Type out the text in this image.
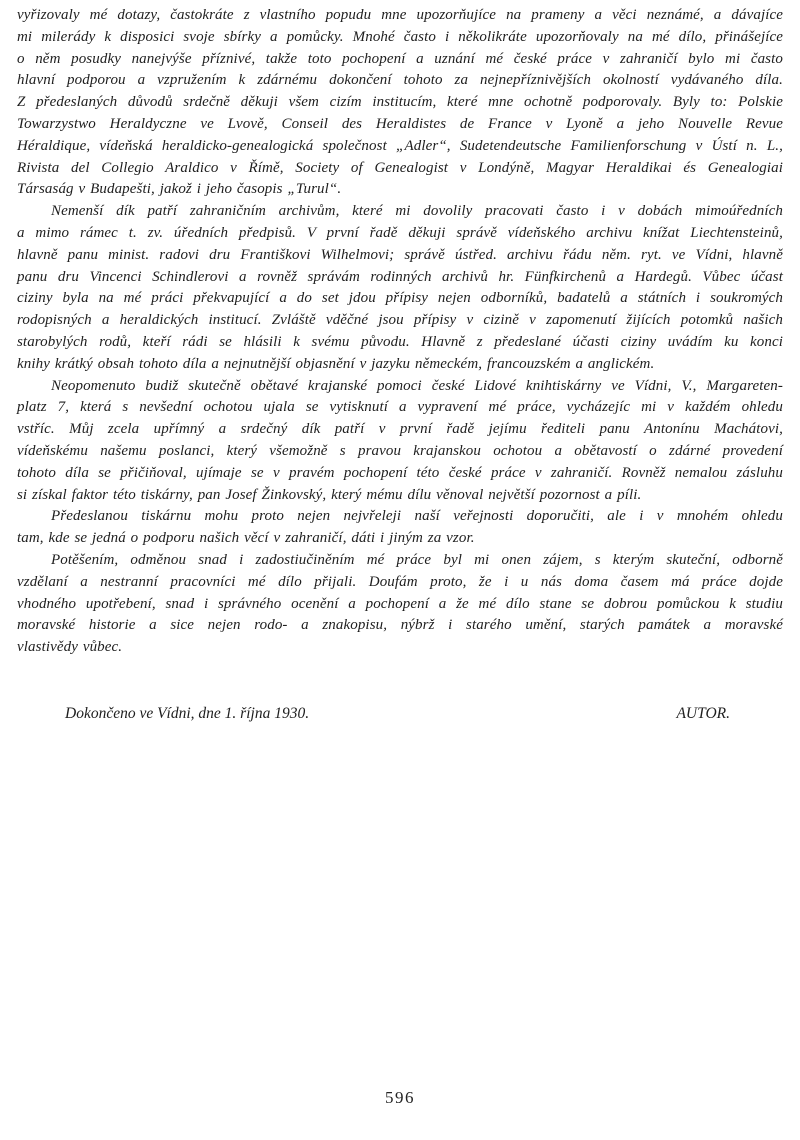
vyřizovaly mé dotazy, častokráte z vlastního popudu mne upozorňujíce na prameny a věci neznámé, a dávajíce
mi milerády k disposici svoje sbírky a pomůcky. Mnohé často i několikráte upozorňovaly na mé dílo, přinášejíce
o něm posudky nanejvýše příznivé, takže toto pochopení a uznání mé české práce v zahraničí bylo mi často
hlavní podporou a vzpružením k zdárnému dokončení tohoto za nejnepříznivějších okolností vydávaného díla.
Z předeslaných důvodů srdečně děkuji všem cizím institucím, které mne ochotně podporovaly. Byly to: Polskie
Towarzystwo Heraldyczne ve Lvově, Conseil des Heraldistes de France v Lyoně a jeho Nouvelle Revue
Héraldique, vídeňská heraldicko-genealogická společnost „Adler“, Sudetendeutsche Familienforschung v Ústí n. L.,
Rivista del Collegio Araldico v Římě, Society of Genealogist v Londýně, Magyar Heraldikai és Genealogiai
Társaság v Budapešti, jakož i jeho časopis „Turul“.
Nemenší dík patří zahraničním archivům, které mi dovolily pracovati často i v dobách mimoúředních
a mimo rámec t. zv. úředních předpisů. V první řadě děkuji správě vídeňského archivu knížat Liechtensteinů,
hlavně panu minist. radovi dru Františkovi Wilhelmovi; správě ústřed. archivu řádu něm. ryt. ve Vídni, hlavně
panu dru Vincenci Schindlerovi a rovněž správám rodinných archivů hr. Fünfkirchenů a Hardegů. Vůbec účast
ciziny byla na mé práci překvapující a do set jdou přípisy nejen odborníků, badatelů a státních i soukromých
rodopisných a heraldických institucí. Zvláště vděčné jsou přípisy v cizině v zapomenutí žijících potomků našich
starobylých rodů, kteří rádi se hlásili k svému původu. Hlavně z předeslané účasti ciziny uvádím ku konci
knihy krátký obsah tohoto díla a nejnutnější objasnění v jazyku německém, francouzském a anglickém.
Neopomenuto budiž skutečně obětavé krajanské pomoci české Lidové knihtiskárny ve Vídni, V., Margareten-
platz 7, která s nevšední ochotou ujala se vytisknutí a vypravení mé práce, vycházejíc mi v každém ohledu
vstříc. Můj zcela upřímný a srdečný dík patří v první řadě jejímu řediteli panu Antonínu Machátovi,
vídeňskému našemu poslanci, který všemožně s pravou krajanskou ochotou a obětavostí o zdárné provedení
tohoto díla se přičiňoval, ujímaje se v pravém pochopení této české práce v zahraničí. Rovněž nemalou zásluhu
si získal faktor této tiskárny, pan Josef Žinkovský, který mému dílu věnoval největší pozornost a píli.
Předeslanou tiskárnu mohu proto nejen nejvřeleji naší veřejnosti doporučiti, ale i v mnohém ohledu
tam, kde se jedná o podporu našich věcí v zahraničí, dáti i jiným za vzor.
Potěšením, odměnou snad i zadostiučiněním mé práce byl mi onen zájem, s kterým skuteční, odborně
vzdělaní a nestranní pracovníci mé dílo přijali. Doufám proto, že i u nás doma časem má práce dojde
vhodného upotřebení, snad i správného ocenění a pochopení a že mé dílo stane se dobrou pomůckou k studiu
moravské historie a sice nejen rodo- a znakopisu, nýbrž i starého umění, starých památek a moravské
vlastivědy vůbec.
Dokončeno ve Vídni, dne 1. října 1930.	AUTOR.
596
